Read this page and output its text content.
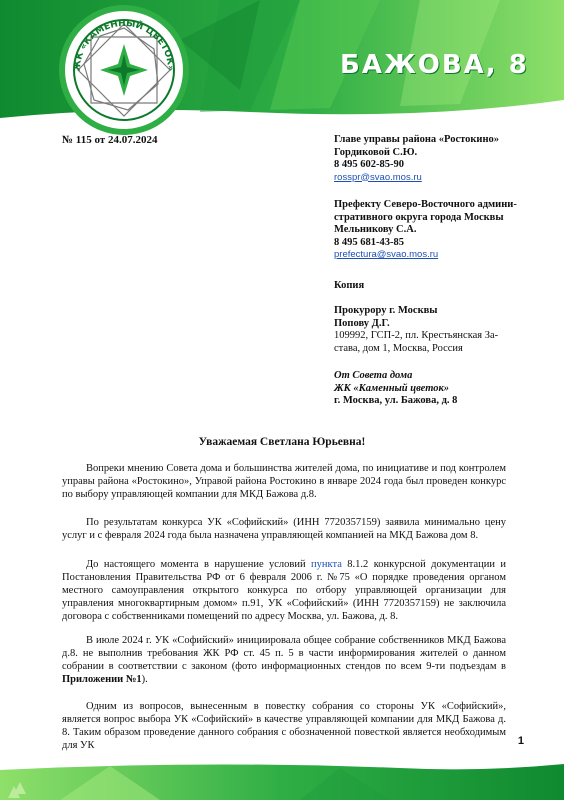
ЖК «КАМЕННЫЙ ЦВЕТОК»	БАЖОВА, 8
№ 115 от 24.07.2024	Главе управы района «Ростокино»
Гордиковой С.Ю.
8 495 602-85-90
rosspr@svao.mos.ru
Префекту Северо-Восточного админи-
стративного округа города Москвы
Мельникову С.А.
8 495 681-43-85
prefectura@svao.mos.ru
Копия
Прокурору г. Москвы
Попову Д.Г.
109992, ГСП-2, пл. Крестьянская За-
става, дом 1, Москва, Россия
От Совета дома
ЖК «Каменный цветок»
г. Москва, ул. Бажова, д. 8
Уважаемая Светлана Юрьевна!

Вопреки мнению Совета дома и большинства жителей дома, по инициативе и под контролем управы района «Ростокино», Управой района Ростокино в январе 2024 года был проведен конкурс по выбору управляющей компании для МКД Бажова д.8.

По результатам конкурса УК «Софийский» (ИНН 7720357159) заявила минимально цену услуг и с февраля 2024 года была назначена управляющей компанией на МКД Бажова дом 8.

До настоящего момента в нарушение условий пункта 8.1.2 конкурсной документации и Постановления Правительства РФ от 6 февраля 2006 г. №75 «О порядке проведения органом местного самоуправления открытого конкурса по отбору управляющей организации для управления многоквартирным домом» п.91, УК «Софийский» (ИНН 7720357159) не заключила договора с собственниками помещений по адресу Москва, ул. Бажова, д. 8.

В июле 2024 г. УК «Софийский» инициировала общее собрание собственников МКД Бажова д.8. не выполнив требования ЖК РФ ст. 45 п. 5 в части информирования жителей о данном собрании в соответствии с законом (фото информационных стендов по всем 9-ти подъездам в Приложении №1).

Одним из вопросов, вынесенным в повестку собрания со стороны УК «Софийский», является вопрос выбора УК «Софийский» в качестве управляющей компании для МКД Бажова д. 8. Таким образом проведение данного собрания с обозначенной повесткой является необходимым для УК	1
